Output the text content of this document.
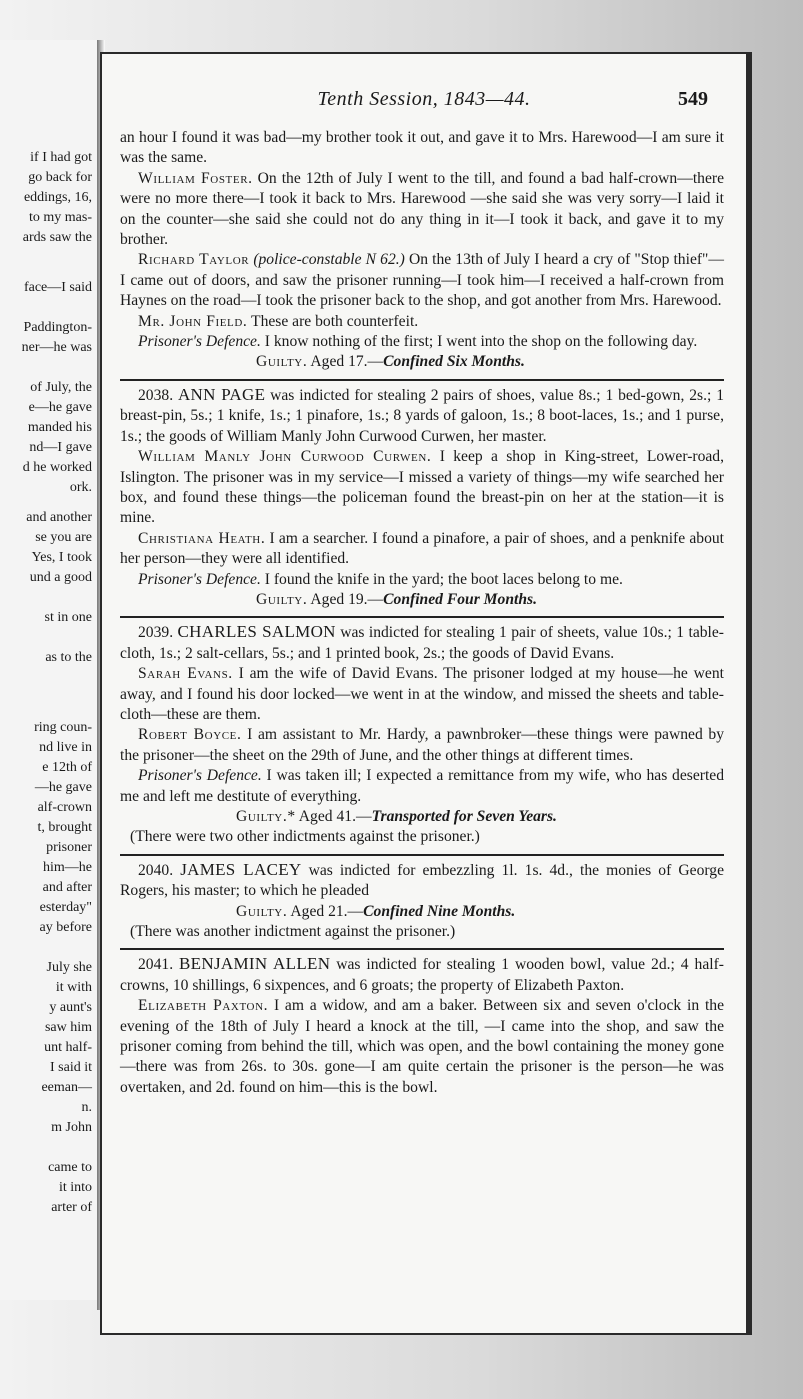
if I had got
go back for
eddings, 16,
to my mas-
ards saw the
face—I said
Paddington-
ner—he was
of July, the
e—he gave
manded his
nd—I gave
d he worked
ork.
and another
se you are
Yes, I took
und a good
st in one
as to the
ring coun-
nd live in
e 12th of
—he gave
alf-crown
t, brought
prisoner
him—he
and after
esterday"
ay before
July she
it with
y aunt's
saw him
unt half-
I said it
eeman—
n.
m John
came to
it into
arter of
Tenth Session, 1843—44.	549

an hour I found it was bad—my brother took it out, and gave it to Mrs. Harewood—I am sure it was the same.

William Foster. On the 12th of July I went to the till, and found a bad half-crown—there were no more there—I took it back to Mrs. Harewood —she said she was very sorry—I laid it on the counter—she said she could not do any thing in it—I took it back, and gave it to my brother.

Richard Taylor (police-constable N 62.) On the 13th of July I heard a cry of "Stop thief"—I came out of doors, and saw the prisoner running—I took him—I received a half-crown from Haynes on the road—I took the prisoner back to the shop, and got another from Mrs. Harewood.

Mr. John Field. These are both counterfeit.

Prisoner's Defence. I know nothing of the first; I went into the shop on the following day.

Guilty. Aged 17.—Confined Six Months.

2038. ANN PAGE was indicted for stealing 2 pairs of shoes, value 8s.; 1 bed-gown, 2s.; 1 breast-pin, 5s.; 1 knife, 1s.; 1 pinafore, 1s.; 8 yards of galoon, 1s.; 8 boot-laces, 1s.; and 1 purse, 1s.; the goods of William Manly John Curwood Curwen, her master.

William Manly John Curwood Curwen. I keep a shop in King-street, Lower-road, Islington. The prisoner was in my service—I missed a variety of things—my wife searched her box, and found these things—the policeman found the breast-pin on her at the station—it is mine.

Christiana Heath. I am a searcher. I found a pinafore, a pair of shoes, and a penknife about her person—they were all identified.

Prisoner's Defence. I found the knife in the yard; the boot laces belong to me.

Guilty. Aged 19.—Confined Four Months.

2039. CHARLES SALMON was indicted for stealing 1 pair of sheets, value 10s.; 1 table-cloth, 1s.; 2 salt-cellars, 5s.; and 1 printed book, 2s.; the goods of David Evans.

Sarah Evans. I am the wife of David Evans. The prisoner lodged at my house—he went away, and I found his door locked—we went in at the window, and missed the sheets and table-cloth—these are them.

Robert Boyce. I am assistant to Mr. Hardy, a pawnbroker—these things were pawned by the prisoner—the sheet on the 29th of June, and the other things at different times.

Prisoner's Defence. I was taken ill; I expected a remittance from my wife, who has deserted me and left me destitute of everything.

Guilty.* Aged 41.—Transported for Seven Years.

(There were two other indictments against the prisoner.)

2040. JAMES LACEY was indicted for embezzling 1l. 1s. 4d., the monies of George Rogers, his master; to which he pleaded

Guilty. Aged 21.—Confined Nine Months.

(There was another indictment against the prisoner.)

2041. BENJAMIN ALLEN was indicted for stealing 1 wooden bowl, value 2d.; 4 half-crowns, 10 shillings, 6 sixpences, and 6 groats; the property of Elizabeth Paxton.

Elizabeth Paxton. I am a widow, and am a baker. Between six and seven o'clock in the evening of the 18th of July I heard a knock at the till, —I came into the shop, and saw the prisoner coming from behind the till, which was open, and the bowl containing the money gone—there was from 26s. to 30s. gone—I am quite certain the prisoner is the person—he was overtaken, and 2d. found on him—this is the bowl.
